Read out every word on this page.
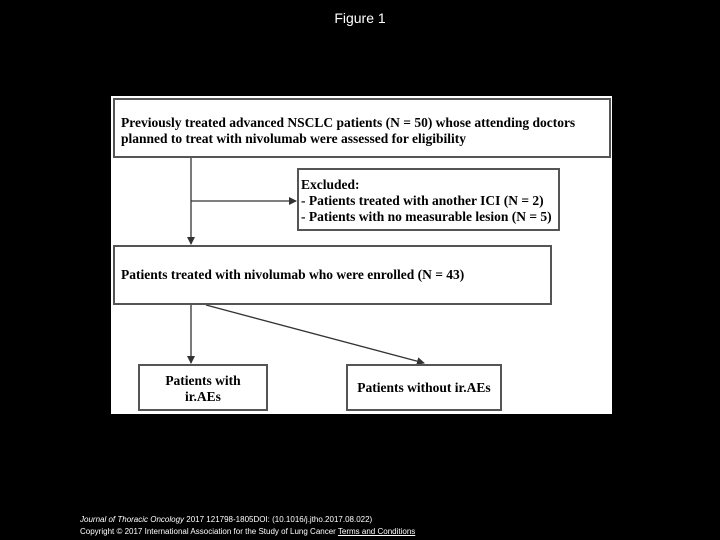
Figure 1
Previously treated advanced NSCLC patients (N = 50) whose attending doctors
planned to treat with nivolumab were assessed for eligibility
Excluded:
- Patients treated with another ICI (N = 2)
- Patients with no measurable lesion (N = 5)
Patients treated with nivolumab who were enrolled (N = 43)
Patients with
ir.AEs
Patients without ir.AEs
Journal of Thoracic Oncology 2017 121798-1805DOI: (10.1016/j.jtho.2017.08.022)
Copyright © 2017 International Association for the Study of Lung Cancer Terms and Conditions
